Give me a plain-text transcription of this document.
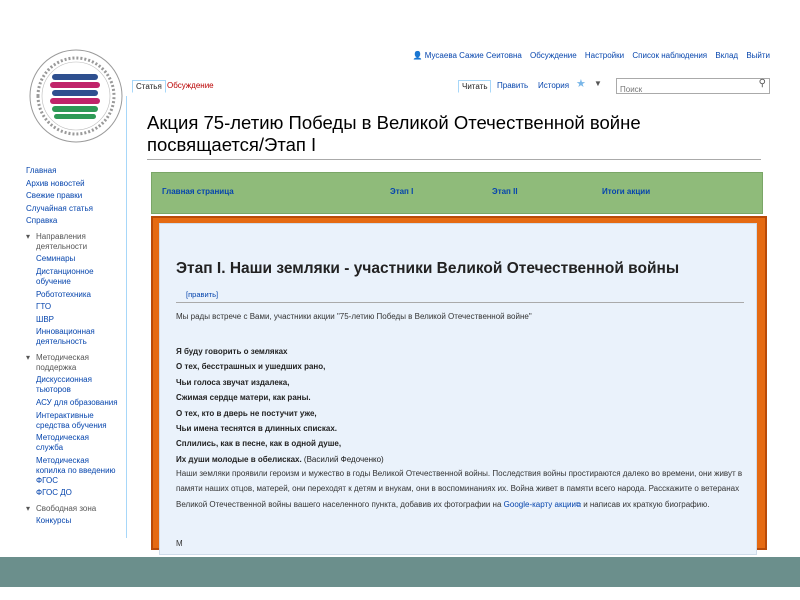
👤 Мусаева Сажие Сеитовна Обсуждение Настройки Список наблюдения Вклад Выйти
Статья Обсуждение	Читать	Править	История ★ ▼
Поиск	⚲
Главная
Архив новостей
Свежие правки
Случайная статья
Справка
▾ Направления деятельности
Семинары
Дистанционное обучение
Робототехника
ГТО
ШВР
Инновационная деятельность
▾ Методическая поддержка
Дискуссионная тьюторов
АСУ для образования
Интерактивные средства обучения
Методическая служба
Методическая копилка по введению ФГОС
ФГОС ДО
▾ Свободная зона
Конкурсы
Акция 75-летию Победы в Великой Отечественной войне
посвящается/Этап I
Главная страница	Этап I	Этап II	Итоги акции
Этап I. Наши земляки - участники Великой Отечественной войны
[править]
Мы рады встрече с Вами, участники акции "75-летию Победы в Великой Отечественной войне"
Я буду говорить о земляках
О тех, бесстрашных и ушедших рано,
Чьи голоса звучат издалека,
Сжимая сердце матери, как раны.
О тех, кто в дверь не постучит уже,
Чьи имена теснятся в длинных списках.
Сплились, как в песне, как в одной душе,
Их души молодые в обелисках. (Василий Федоченко)
Наши земляки проявили героизм и мужество в годы Великой Отечественной войны. Последствия войны простираются далеко во времени, они живут в памяти наших отцов, матерей, они переходят к детям и внукам, они в воспоминаниях их. Война живет в памяти всего народа. Расскажите о ветеранах Великой Отечественной войны вашего населенного пункта, добавив их фотографии на Google-карту акции⧉ и написав их краткую биографию.
М
